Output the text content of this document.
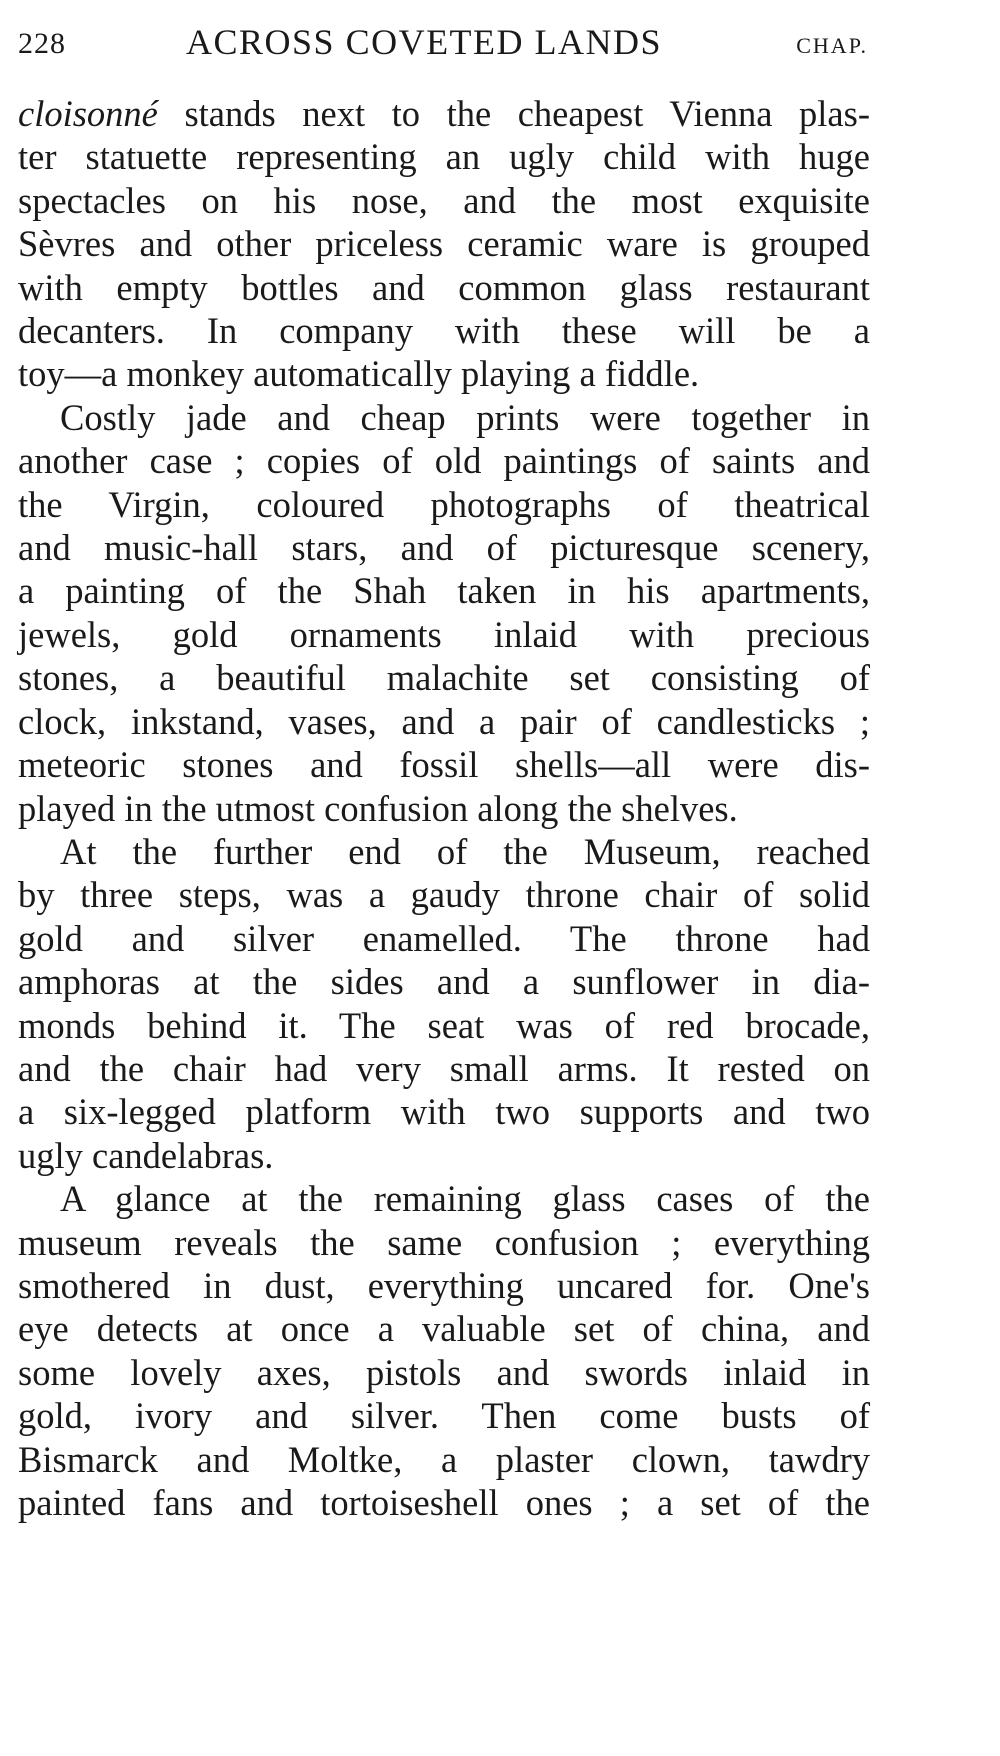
228	ACROSS COVETED LANDS	CHAP.

cloisonné stands next to the cheapest Vienna plas-
ter statuette representing an ugly child with huge
spectacles on his nose, and the most exquisite
Sèvres and other priceless ceramic ware is grouped
with empty bottles and common glass restaurant
decanters. In company with these will be a
toy—a monkey automatically playing a fiddle.

Costly jade and cheap prints were together in
another case ; copies of old paintings of saints and
the Virgin, coloured photographs of theatrical
and music-hall stars, and of picturesque scenery,
a painting of the Shah taken in his apartments,
jewels, gold ornaments inlaid with precious
stones, a beautiful malachite set consisting of
clock, inkstand, vases, and a pair of candlesticks ;
meteoric stones and fossil shells—all were dis-
played in the utmost confusion along the shelves.

At the further end of the Museum, reached
by three steps, was a gaudy throne chair of solid
gold and silver enamelled. The throne had
amphoras at the sides and a sunflower in dia-
monds behind it. The seat was of red brocade,
and the chair had very small arms. It rested on
a six-legged platform with two supports and two
ugly candelabras.

A glance at the remaining glass cases of the
museum reveals the same confusion ; everything
smothered in dust, everything uncared for. One's
eye detects at once a valuable set of china, and
some lovely axes, pistols and swords inlaid in
gold, ivory and silver. Then come busts of
Bismarck and Moltke, a plaster clown, tawdry
painted fans and tortoiseshell ones ; a set of the
